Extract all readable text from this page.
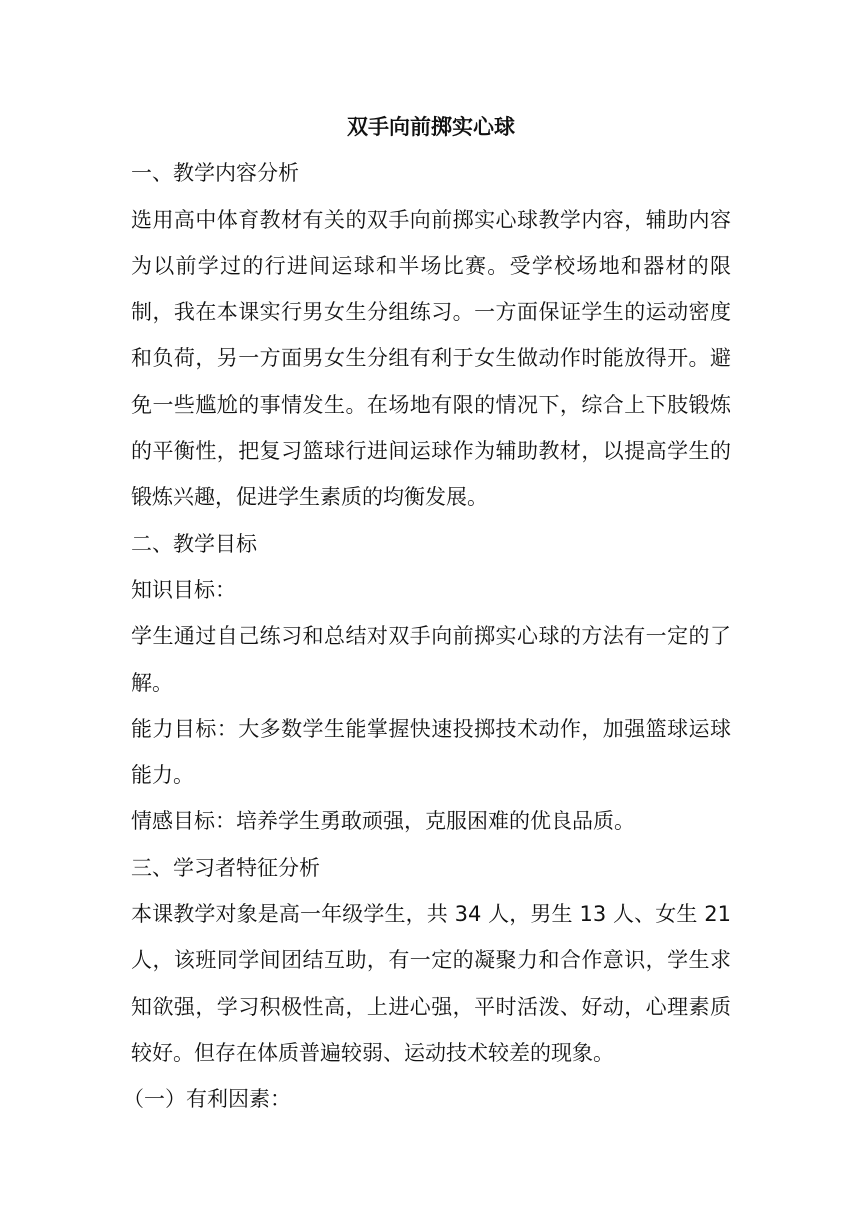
双手向前掷实心球
一、教学内容分析

选用高中体育教材有关的双手向前掷实心球教学内容，辅助内容为以前学过的行进间运球和半场比赛。受学校场地和器材的限制，我在本课实行男女生分组练习。一方面保证学生的运动密度和负荷，另一方面男女生分组有利于女生做动作时能放得开。避免一些尴尬的事情发生。在场地有限的情况下，综合上下肢锻炼的平衡性，把复习篮球行进间运球作为辅助教材，以提高学生的锻炼兴趣，促进学生素质的均衡发展。

二、教学目标

知识目标：

学生通过自己练习和总结对双手向前掷实心球的方法有一定的了解。

能力目标：大多数学生能掌握快速投掷技术动作，加强篮球运球能力。

情感目标：培养学生勇敢顽强，克服困难的优良品质。

三、学习者特征分析

本课教学对象是高一年级学生，共 34 人，男生 13 人、女生 21 人，该班同学间团结互助，有一定的凝聚力和合作意识，学生求知欲强，学习积极性高，上进心强，平时活泼、好动，心理素质较好。但存在体质普遍较弱、运动技术较差的现象。

（一）有利因素：
